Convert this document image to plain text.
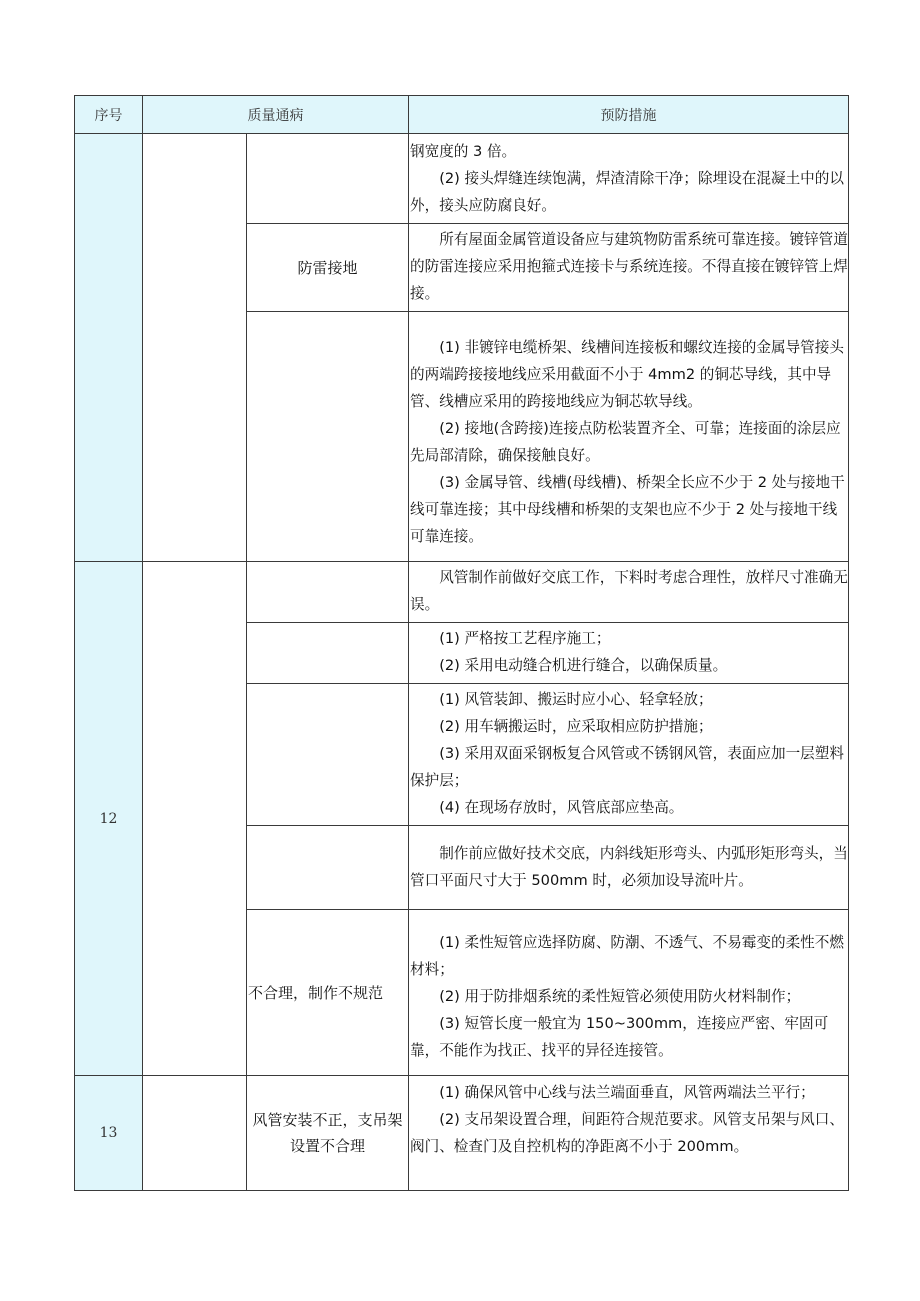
序号	质量通病		预防措施

			钢宽度的 3 倍。

(2) 接头焊缝连续饱满，焊渣清除干净；除埋设在混凝土中的以外，接头应防腐良好。

		防雷接地	所有屋面金属管道设备应与建筑物防雷系统可靠连接。镀锌管道的防雷连接应采用抱箍式连接卡与系统连接。不得直接在镀锌管上焊接。

			(1) 非镀锌电缆桥架、线槽间连接板和螺纹连接的金属导管接头的两端跨接接地线应采用截面不小于 4mm2 的铜芯导线，其中导管、线槽应采用的跨接地线应为铜芯软导线。

(2) 接地(含跨接)连接点防松装置齐全、可靠；连接面的涂层应先局部清除，确保接触良好。

(3) 金属导管、线槽(母线槽)、桥架全长应不少于 2 处与接地干线可靠连接；其中母线槽和桥架的支架也应不少于 2 处与接地干线可靠连接。

12			风管制作前做好交底工作，下料时考虑合理性，放样尺寸准确无误。

			(1) 严格按工艺程序施工；

(2) 采用电动缝合机进行缝合，以确保质量。

			(1) 风管装卸、搬运时应小心、轻拿轻放；

(2) 用车辆搬运时，应采取相应防护措施；

(3) 采用双面采钢板复合风管或不锈钢风管，表面应加一层塑料保护层；

(4) 在现场存放时，风管底部应垫高。

			制作前应做好技术交底，内斜线矩形弯头、内弧形矩形弯头，当管口平面尺寸大于 500mm 时，必须加设导流叶片。

		不合理，制作不规范	(1) 柔性短管应选择防腐、防潮、不透气、不易霉变的柔性不燃材料；

(2) 用于防排烟系统的柔性短管必须使用防火材料制作；

(3) 短管长度一般宜为 150~300mm，连接应严密、牢固可靠，不能作为找正、找平的异径连接管。

13		风管安装不正，支吊架设置不合理	(1) 确保风管中心线与法兰端面垂直，风管两端法兰平行；

(2) 支吊架设置合理，间距符合规范要求。风管支吊架与风口、阀门、检查门及自控机构的净距离不小于 200mm。
